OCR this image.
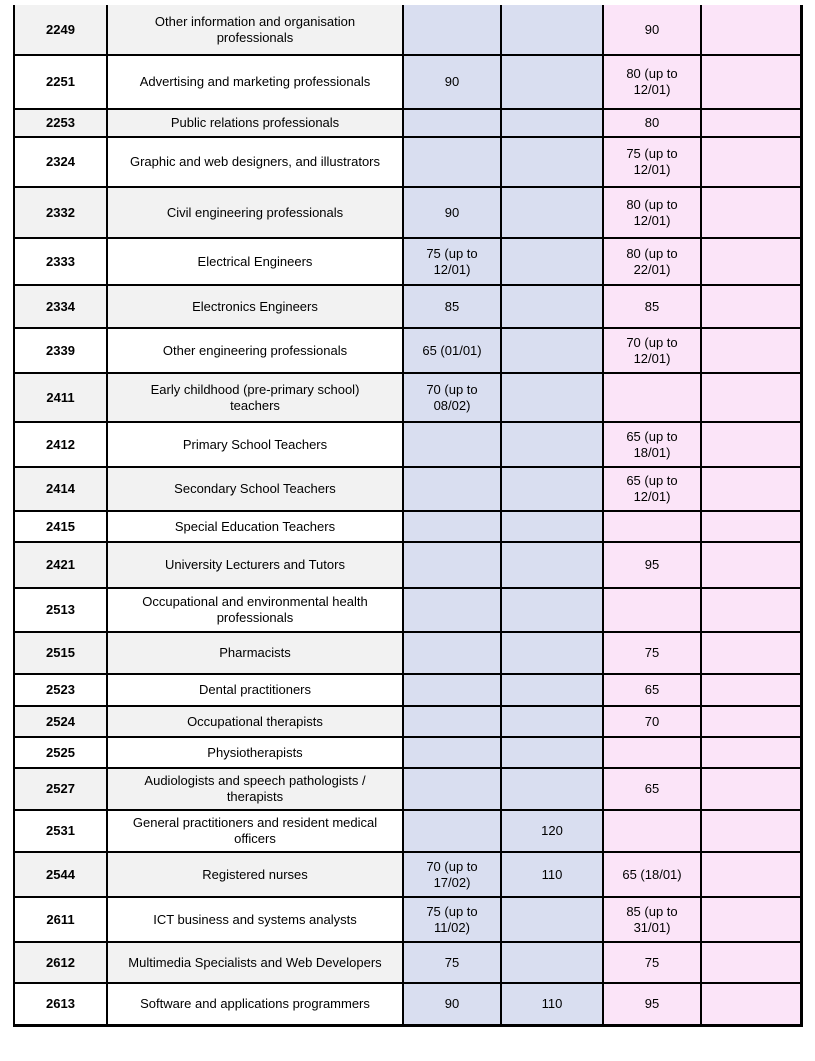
2249	Other information and organisation professionals			90	
2251	Advertising and marketing professionals	90		80 (up to 12/01)	
2253	Public relations professionals			80	
2324	Graphic and web designers, and illustrators			75 (up to 12/01)	
2332	Civil engineering professionals	90		80 (up to 12/01)	
2333	Electrical Engineers	75 (up to 12/01)		80 (up to 22/01)	
2334	Electronics Engineers	85		85	
2339	Other engineering professionals	65 (01/01)		70 (up to 12/01)	
2411	Early childhood (pre-primary school) teachers	70 (up to 08/02)			
2412	Primary School Teachers			65 (up to 18/01)	
2414	Secondary School Teachers			65 (up to 12/01)	
2415	Special Education Teachers				
2421	University Lecturers and Tutors			95	
2513	Occupational and environmental health professionals				
2515	Pharmacists			75	
2523	Dental practitioners			65	
2524	Occupational therapists			70	
2525	Physiotherapists				
2527	Audiologists and speech pathologists / therapists			65	
2531	General practitioners and resident medical officers		120		
2544	Registered nurses	70 (up to 17/02)	110	65 (18/01)	
2611	ICT business and systems analysts	75 (up to 11/02)		85 (up to 31/01)	
2612	Multimedia Specialists and Web Developers	75		75	
2613	Software and applications programmers	90	110	95	
